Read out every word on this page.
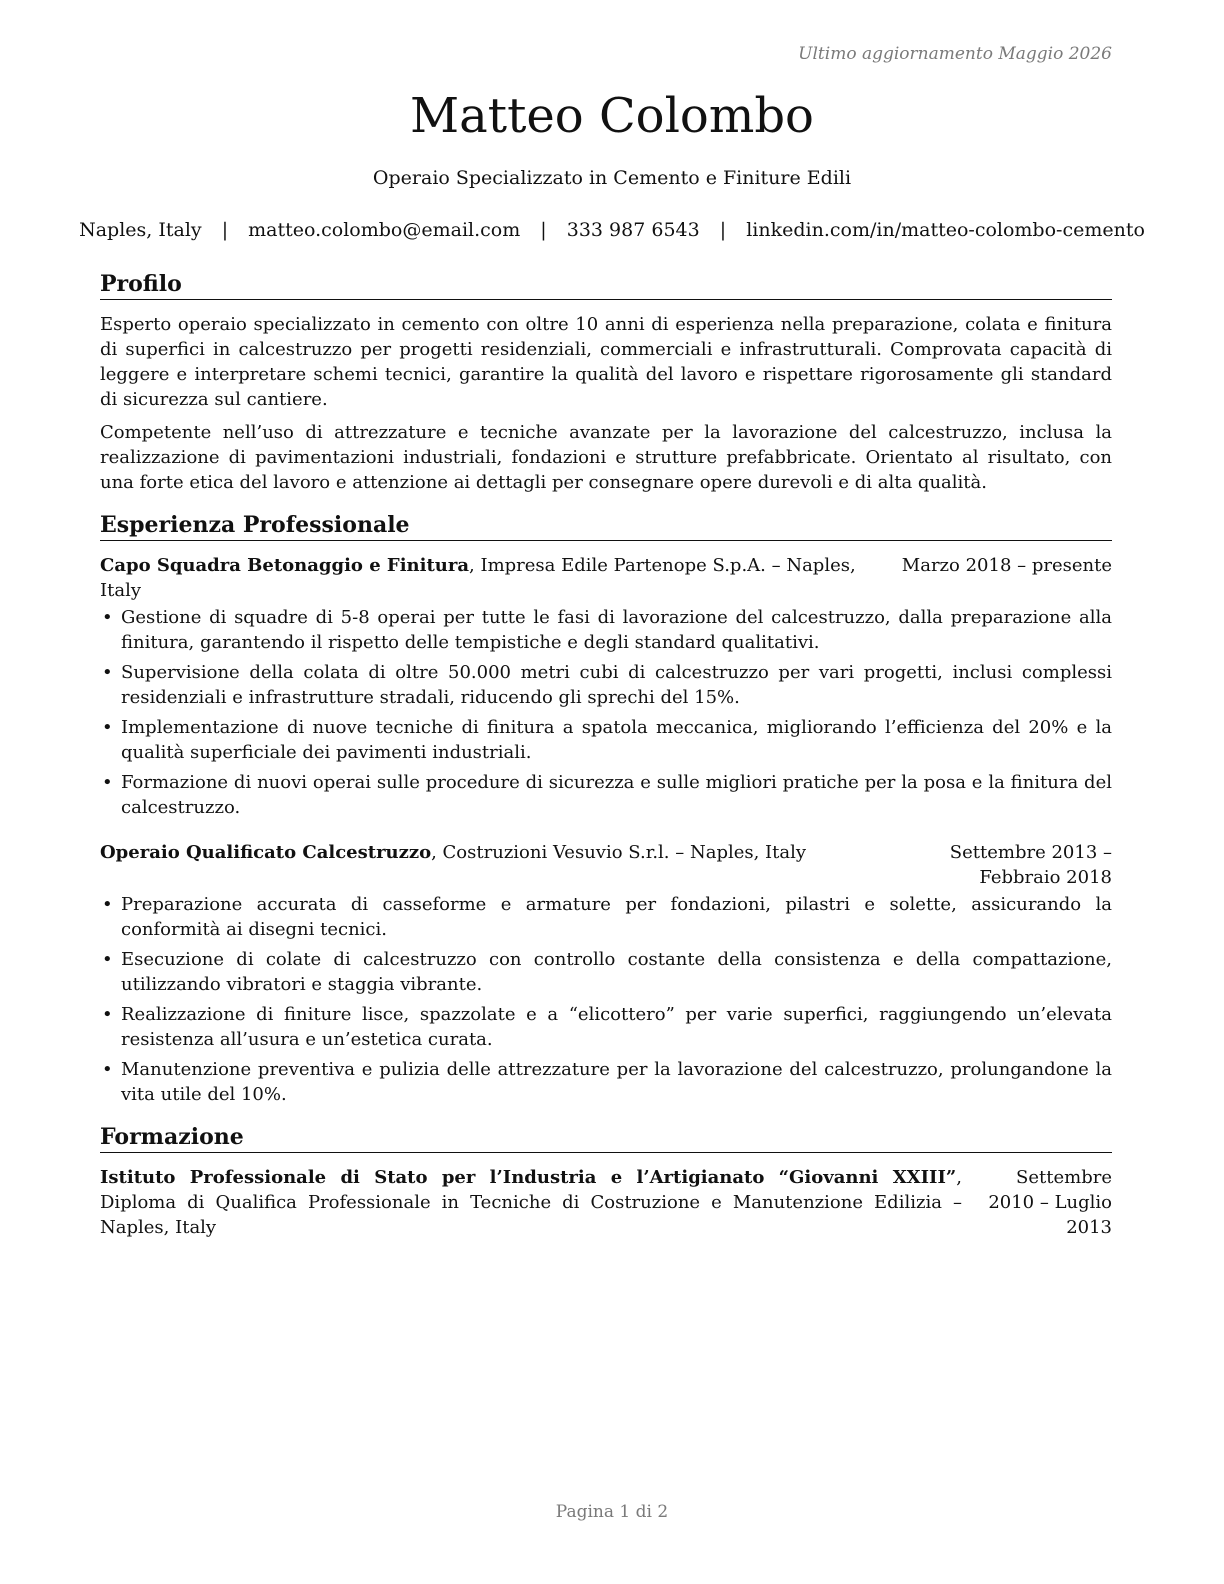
Ultimo aggiornamento Maggio 2026
Matteo Colombo
Operaio Specializzato in Cemento e Finiture Edili
Naples, Italy | matteo.colombo@email.com | 333 987 6543 | linkedin.com/in/matteo-colombo-cemento
Profilo

Esperto operaio specializzato in cemento con oltre 10 anni di esperienza nella preparazione, colata e finitura di superfici in calcestruzzo per progetti residenziali, commerciali e infrastrutturali. Comprovata capacità di leggere e interpretare schemi tecnici, garantire la qualità del lavoro e rispettare rigorosamente gli standard di sicurezza sul cantiere.

Competente nell’uso di attrezzature e tecniche avanzate per la lavorazione del calcestruzzo, inclusa la realizzazione di pavimentazioni industriali, fondazioni e strutture prefabbricate. Orientato al risultato, con una forte etica del lavoro e attenzione ai dettagli per consegnare opere durevoli e di alta qualità.

Esperienza Professionale
Capo Squadra Betonaggio e Finitura, Impresa Edile Partenope S.p.A. – Naples, Italy
Marzo 2018 – presente
• Gestione di squadre di 5-8 operai per tutte le fasi di lavorazione del calcestruzzo, dalla preparazione alla finitura, garantendo il rispetto delle tempistiche e degli standard qualitativi.
• Supervisione della colata di oltre 50.000 metri cubi di calcestruzzo per vari progetti, inclusi complessi residenziali e infrastrutture stradali, riducendo gli sprechi del 15%.
• Implementazione di nuove tecniche di finitura a spatola meccanica, migliorando l’efficienza del 20% e la qualità superficiale dei pavimenti industriali.
• Formazione di nuovi operai sulle procedure di sicurezza e sulle migliori pratiche per la posa e la finitura del calcestruzzo.
Operaio Qualificato Calcestruzzo, Costruzioni Vesuvio S.r.l. – Naples, Italy	Settembre 2013 – Febbraio 2018
• Preparazione accurata di casseforme e armature per fondazioni, pilastri e solette, assicurando la conformità ai disegni tecnici.
• Esecuzione di colate di calcestruzzo con controllo costante della consistenza e della compattazione, utilizzando vibratori e staggia vibrante.
• Realizzazione di finiture lisce, spazzolate e a “elicottero” per varie superfici, raggiungendo un’elevata resistenza all’usura e un’estetica curata.
• Manutenzione preventiva e pulizia delle attrezzature per la lavorazione del calcestruzzo, prolungandone la vita utile del 10%.
Formazione
Istituto Professionale di Stato per l’Industria e l’Artigianato “Giovanni XXIII”, Diploma di Qualifica Professionale in Tecniche di Costruzione e Manutenzione Edilizia – Naples, Italy
Settembre 2010 – Luglio 2013
Pagina 1 di 2
